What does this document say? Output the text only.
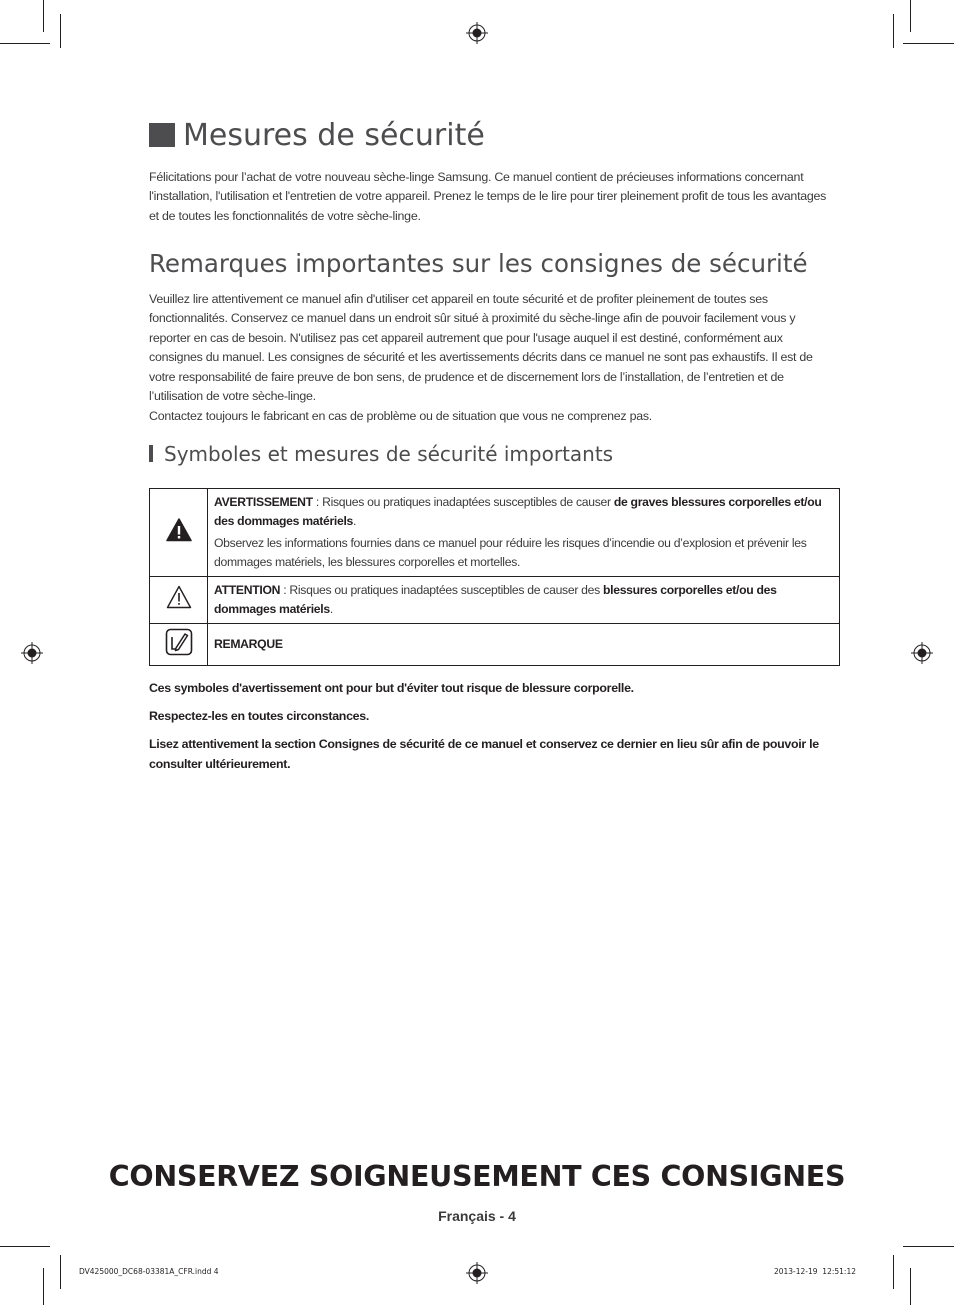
Mesures de sécurité
Félicitations pour l’achat de votre nouveau sèche-linge Samsung. Ce manuel contient de précieuses informations concernant l'installation, l'utilisation et l'entretien de votre appareil. Prenez le temps de le lire pour tirer pleinement profit de tous les avantages et de toutes les fonctionnalités de votre sèche-linge.
Remarques importantes sur les consignes de sécurité
Veuillez lire attentivement ce manuel afin d'utiliser cet appareil en toute sécurité et de profiter pleinement de toutes ses fonctionnalités. Conservez ce manuel dans un endroit sûr situé à proximité du sèche-linge afin de pouvoir facilement vous y reporter en cas de besoin. N'utilisez pas cet appareil autrement que pour l'usage auquel il est destiné, conformément aux consignes du manuel. Les consignes de sécurité et les avertissements décrits dans ce manuel ne sont pas exhaustifs. Il est de votre responsabilité de faire preuve de bon sens, de prudence et de discernement lors de l’installation, de l’entretien et de l’utilisation de votre sèche-linge.
Contactez toujours le fabricant en cas de problème ou de situation que vous ne comprenez pas.
Symboles et mesures de sécurité importants

AVERTISSEMENT : Risques ou pratiques inadaptées susceptibles de causer de graves blessures corporelles et/ou des dommages matériels.
Observez les informations fournies dans ce manuel pour réduire les risques d’incendie ou d’explosion et prévenir les dommages matériels, les blessures corporelles et mortelles.

	ATTENTION : Risques ou pratiques inadaptées susceptibles de causer des blessures corporelles et/ou des dommages matériels.
	REMARQUE
Ces symboles d'avertissement ont pour but d'éviter tout risque de blessure corporelle.
Respectez-les en toutes circonstances.
Lisez attentivement la section Consignes de sécurité de ce manuel et conservez ce dernier en lieu sûr afin de pouvoir le consulter ultérieurement.
CONSERVEZ SOIGNEUSEMENT CES CONSIGNES
Français - 4
DV425000_DC68-03381A_CFR.indd 4	2013-12-19 ￼￼ 12:51:12
